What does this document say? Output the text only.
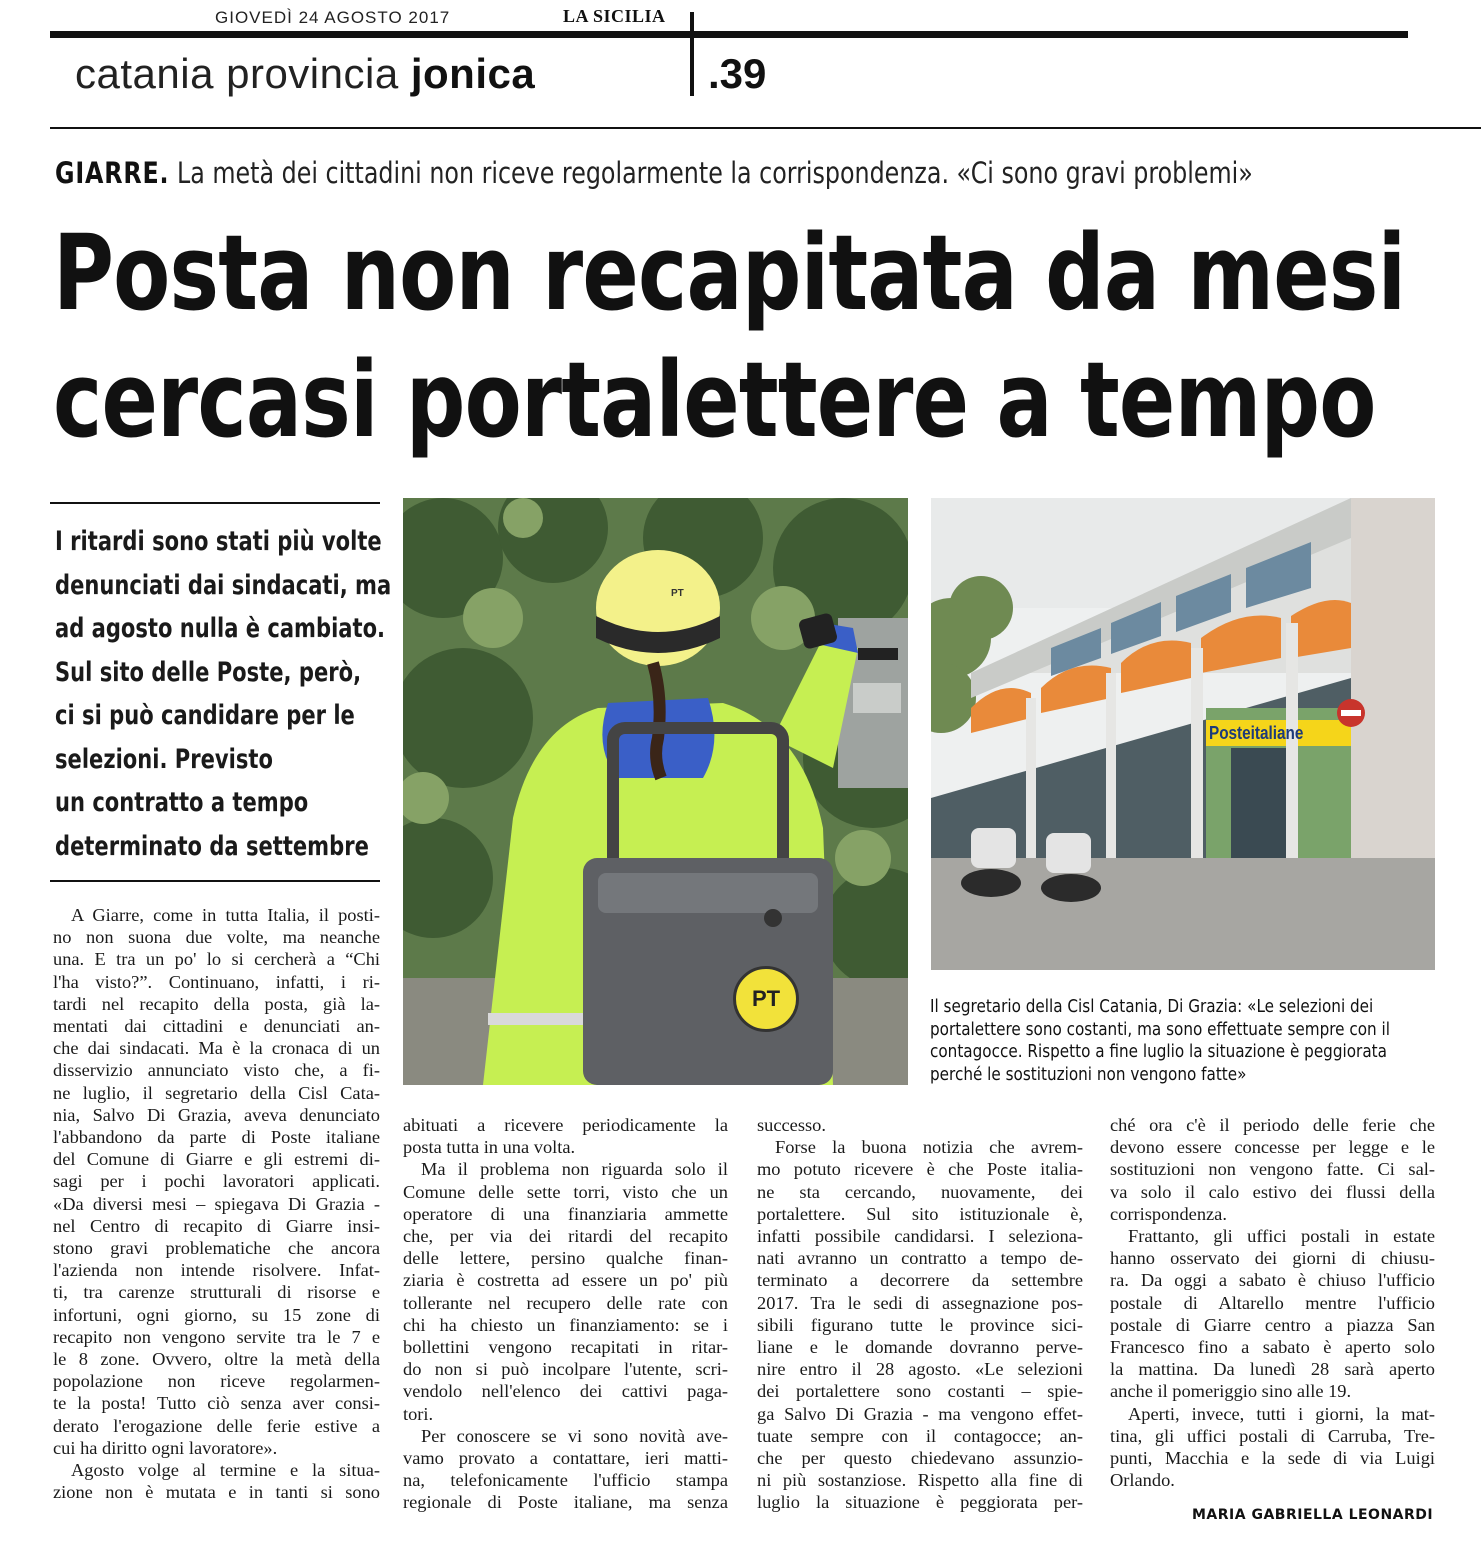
GIOVEDÌ 24 AGOSTO 2017	LA SICILIA
catania provincia jonica	.39
GIARRE. La metà dei cittadini non riceve regolarmente la corrispondenza. «Ci sono gravi problemi»
Posta non recapitata da mesi
cercasi portalettere a tempo
I ritardi sono stati più volte
denunciati dai sindacati, ma
ad agosto nulla è cambiato.
Sul sito delle Poste, però,
ci si può candidare per le
selezioni. Previsto
un contratto a tempo
determinato da settembre
PT
PT
Posteitaliane
Il segretario della Cisl Catania, Di Grazia: «Le selezioni dei
portalettere sono costanti, ma sono effettuate sempre con il
contagocce. Rispetto a fine luglio la situazione è peggiorata
perché le sostituzioni non vengono fatte»
A Giarre, come in tutta Italia, il posti-
no non suona due volte, ma neanche
una. E tra un po' lo si cercherà a “Chi
l'ha visto?”. Continuano, infatti, i ri-
tardi nel recapito della posta, già la-
mentati dai cittadini e denunciati an-
che dai sindacati. Ma è la cronaca di un
disservizio annunciato visto che, a fi-
ne luglio, il segretario della Cisl Cata-
nia, Salvo Di Grazia, aveva denunciato
l'abbandono da parte di Poste italiane
del Comune di Giarre e gli estremi di-
sagi per i pochi lavoratori applicati.
«Da diversi mesi – spiegava Di Grazia -
nel Centro di recapito di Giarre insi-
stono gravi problematiche che ancora
l'azienda non intende risolvere. Infat-
ti, tra carenze strutturali di risorse e
infortuni, ogni giorno, su 15 zone di
recapito non vengono servite tra le 7 e
le 8 zone. Ovvero, oltre la metà della
popolazione non riceve regolarmen-
te la posta! Tutto ciò senza aver consi-
derato l'erogazione delle ferie estive a
cui ha diritto ogni lavoratore».
Agosto volge al termine e la situa-
zione non è mutata e in tanti si sono
abituati a ricevere periodicamente la
posta tutta in una volta.
Ma il problema non riguarda solo il
Comune delle sette torri, visto che un
operatore di una finanziaria ammette
che, per via dei ritardi del recapito
delle lettere, persino qualche finan-
ziaria è costretta ad essere un po' più
tollerante nel recupero delle rate con
chi ha chiesto un finanziamento: se i
bollettini vengono recapitati in ritar-
do non si può incolpare l'utente, scri-
vendolo nell'elenco dei cattivi paga-
tori.
Per conoscere se vi sono novità ave-
vamo provato a contattare, ieri matti-
na, telefonicamente l'ufficio stampa
regionale di Poste italiane, ma senza
successo.
Forse la buona notizia che avrem-
mo potuto ricevere è che Poste italia-
ne sta cercando, nuovamente, dei
portalettere. Sul sito istituzionale è,
infatti possibile candidarsi. I seleziona-
nati avranno un contratto a tempo de-
terminato a decorrere da settembre
2017. Tra le sedi di assegnazione pos-
sibili figurano tutte le province sici-
liane e le domande dovranno perve-
nire entro il 28 agosto. «Le selezioni
dei portalettere sono costanti – spie-
ga Salvo Di Grazia - ma vengono effet-
tuate sempre con il contagocce; an-
che per questo chiedevano assunzio-
ni più sostanziose. Rispetto alla fine di
luglio la situazione è peggiorata per-
ché ora c'è il periodo delle ferie che
devono essere concesse per legge e le
sostituzioni non vengono fatte. Ci sal-
va solo il calo estivo dei flussi della
corrispondenza.
Frattanto, gli uffici postali in estate
hanno osservato dei giorni di chiusu-
ra. Da oggi a sabato è chiuso l'ufficio
postale di Altarello mentre l'ufficio
postale di Giarre centro a piazza San
Francesco fino a sabato è aperto solo
la mattina. Da lunedì 28 sarà aperto
anche il pomeriggio sino alle 19.
Aperti, invece, tutti i giorni, la mat-
tina, gli uffici postali di Carruba, Tre-
punti, Macchia e la sede di via Luigi
Orlando.
MARIA GABRIELLA LEONARDI
